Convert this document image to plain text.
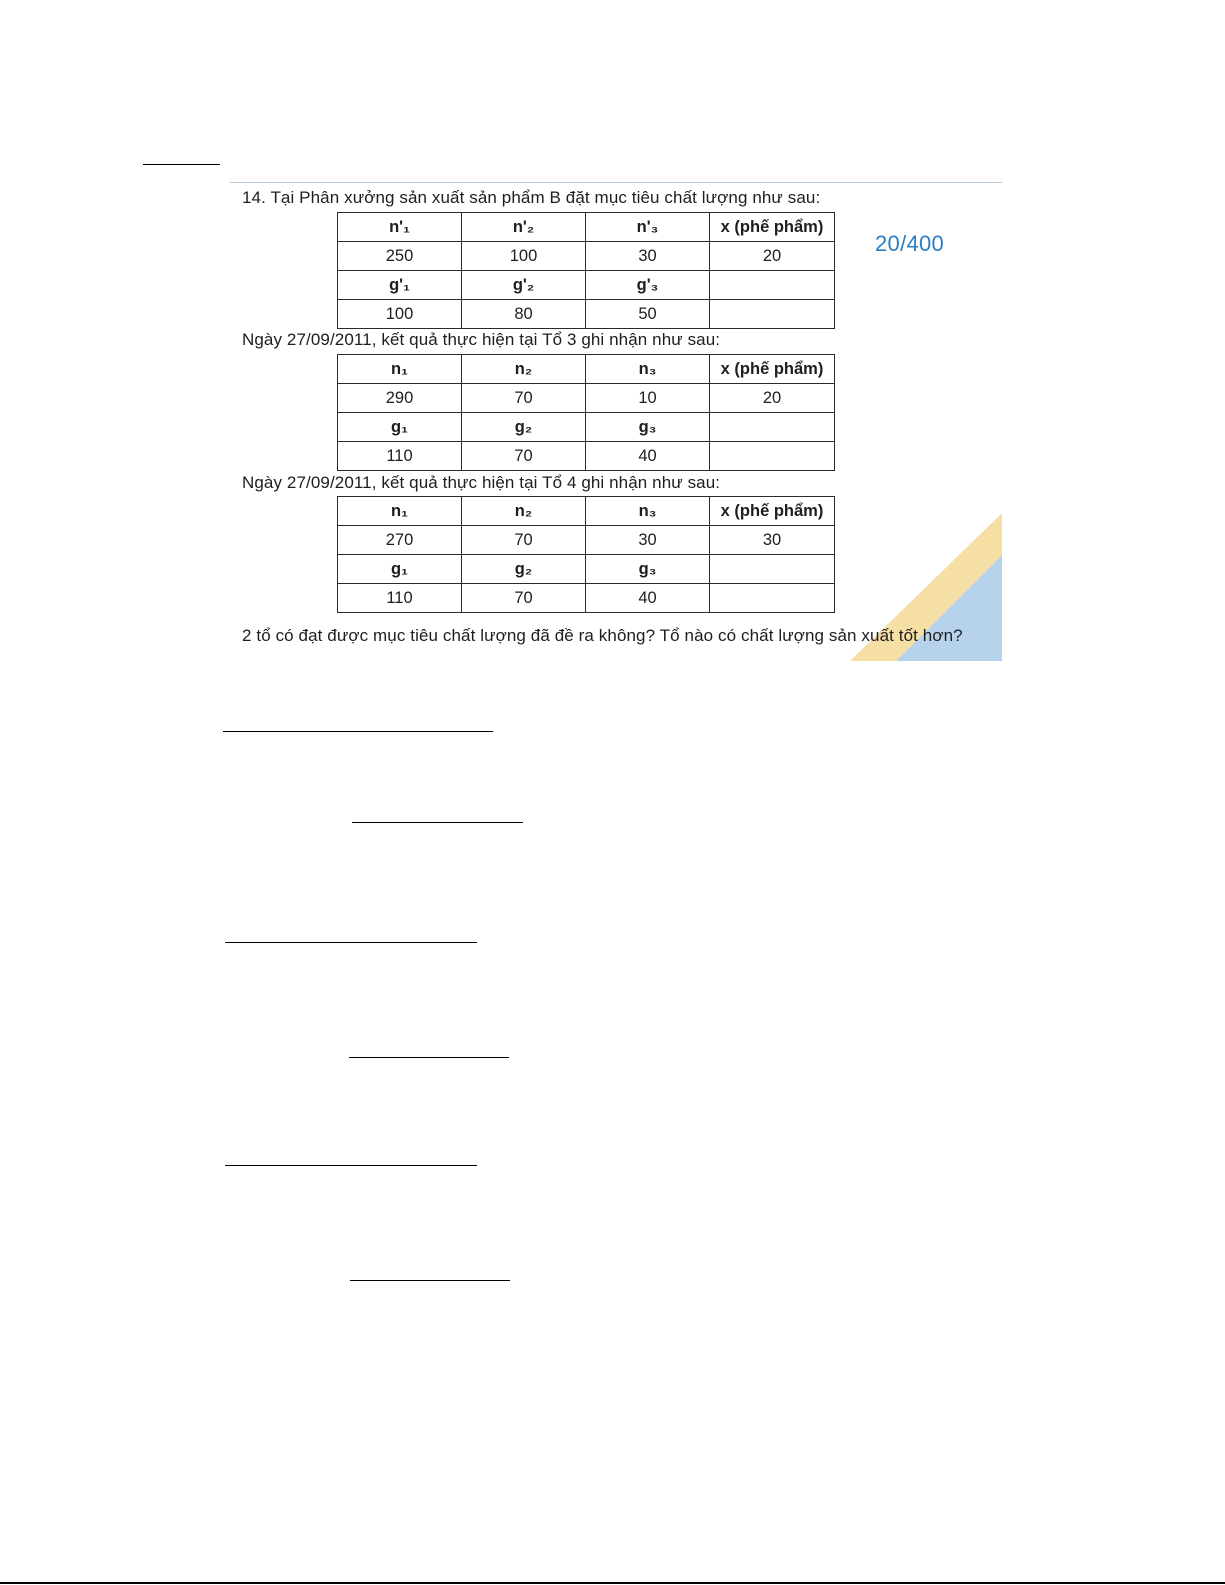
14. Tại Phân xưởng sản xuất sản phẩm B đặt mục tiêu chất lượng như sau:
20/400
n'₁	n'₂	n'₃	x (phế phẩm)
250	100	30	20
g'₁	g'₂	g'₃	
100	80	50	
Ngày 27/09/2011, kết quả thực hiện tại Tổ 3 ghi nhận như sau:
n₁	n₂	n₃	x (phế phẩm)
290	70	10	20
g₁	g₂	g₃	
110	70	40	
Ngày 27/09/2011, kết quả thực hiện tại Tổ 4 ghi nhận như sau:
n₁	n₂	n₃	x (phế phẩm)
270	70	30	30
g₁	g₂	g₃	
110	70	40	
2 tổ có đạt được mục tiêu chất lượng đã đề ra không? Tổ nào có chất lượng sản xuất tốt hơn?
